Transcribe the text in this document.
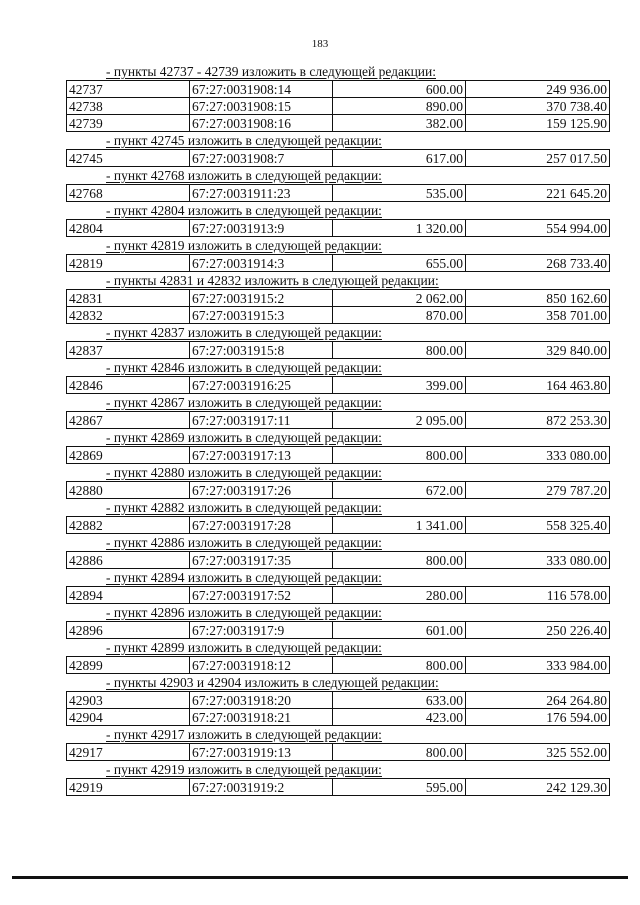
183
- пункты 42737 - 42739 изложить в следующей редакции:
42737	67:27:0031908:14	600.00	249 936.00
42738	67:27:0031908:15	890.00	370 738.40
42739	67:27:0031908:16	382.00	159 125.90
- пункт 42745 изложить в следующей редакции:
42745	67:27:0031908:7	617.00	257 017.50
- пункт 42768 изложить в следующей редакции:
42768	67:27:0031911:23	535.00	221 645.20
- пункт 42804 изложить в следующей редакции:
42804	67:27:0031913:9	1 320.00	554 994.00
- пункт 42819 изложить в следующей редакции:
42819	67:27:0031914:3	655.00	268 733.40
- пункты 42831 и 42832 изложить в следующей редакции:
42831	67:27:0031915:2	2 062.00	850 162.60
42832	67:27:0031915:3	870.00	358 701.00
- пункт 42837 изложить в следующей редакции:
42837	67:27:0031915:8	800.00	329 840.00
- пункт 42846 изложить в следующей редакции:
42846	67:27:0031916:25	399.00	164 463.80
- пункт 42867 изложить в следующей редакции:
42867	67:27:0031917:11	2 095.00	872 253.30
- пункт 42869 изложить в следующей редакции:
42869	67:27:0031917:13	800.00	333 080.00
- пункт 42880 изложить в следующей редакции:
42880	67:27:0031917:26	672.00	279 787.20
- пункт 42882 изложить в следующей редакции:
42882	67:27:0031917:28	1 341.00	558 325.40
- пункт 42886 изложить в следующей редакции:
42886	67:27:0031917:35	800.00	333 080.00
- пункт 42894 изложить в следующей редакции:
42894	67:27:0031917:52	280.00	116 578.00
- пункт 42896 изложить в следующей редакции:
42896	67:27:0031917:9	601.00	250 226.40
- пункт 42899 изложить в следующей редакции:
42899	67:27:0031918:12	800.00	333 984.00
- пункты 42903 и 42904 изложить в следующей редакции:
42903	67:27:0031918:20	633.00	264 264.80
42904	67:27:0031918:21	423.00	176 594.00
- пункт 42917 изложить в следующей редакции:
42917	67:27:0031919:13	800.00	325 552.00
- пункт 42919 изложить в следующей редакции:
42919	67:27:0031919:2	595.00	242 129.30
